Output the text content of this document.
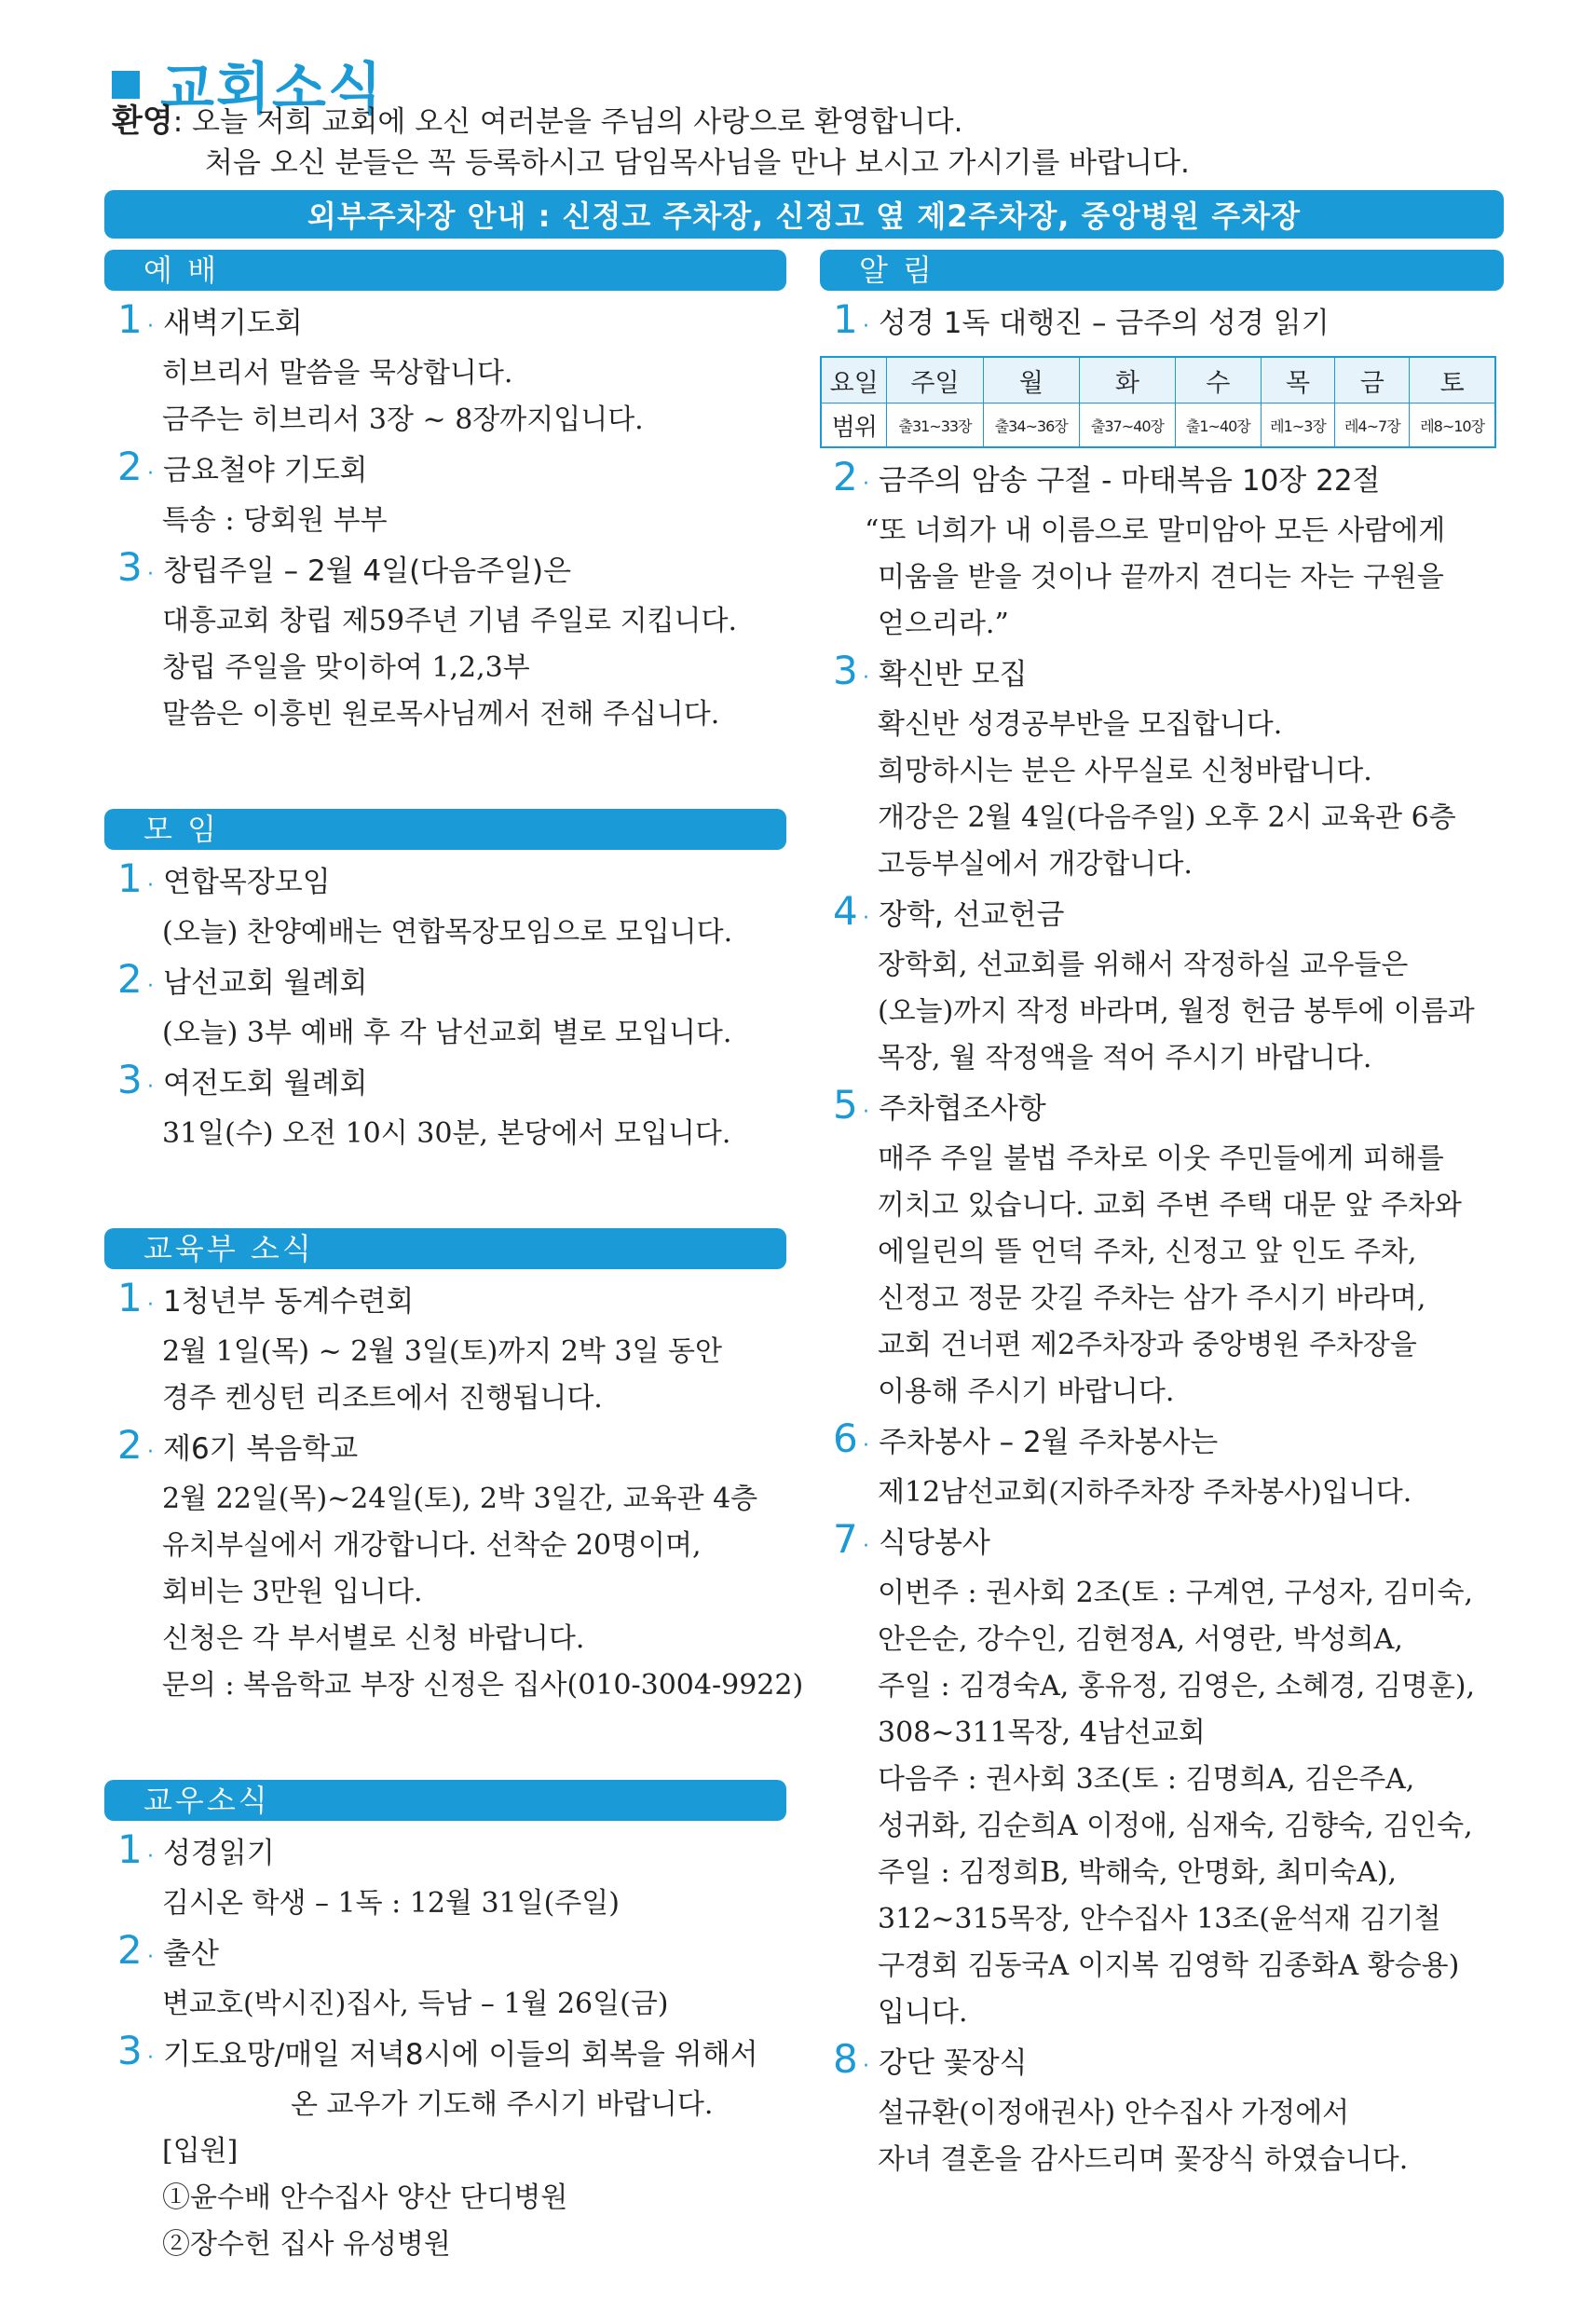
교회소식
환영: 오늘 저희 교회에 오신 여러분을 주님의 사랑으로 환영합니다.
처음 오신 분들은 꼭 등록하시고 담임목사님을 만나 보시고 가시기를 바랍니다.
외부주차장 안내 : 신정고 주차장, 신정고 옆 제2주차장, 중앙병원 주차장
예 배
1 · 새벽기도회
히브리서 말씀을 묵상합니다.
금주는 히브리서 3장 ~ 8장까지입니다.
2 · 금요철야 기도회
특송 : 당회원 부부
3 · 창립주일 – 2월 4일(다음주일)은
대흥교회 창립 제59주년 기념 주일로 지킵니다.
창립 주일을 맞이하여 1,2,3부
말씀은 이흥빈 원로목사님께서 전해 주십니다.
모 임
1 · 연합목장모임
(오늘) 찬양예배는 연합목장모임으로 모입니다.
2 · 남선교회 월례회
(오늘) 3부 예배 후 각 남선교회 별로 모입니다.
3 · 여전도회 월례회
31일(수) 오전 10시 30분, 본당에서 모입니다.
교육부 소식
1 · 1청년부 동계수련회
2월 1일(목) ~ 2월 3일(토)까지 2박 3일 동안
경주 켄싱턴 리조트에서 진행됩니다.
2 · 제6기 복음학교
2월 22일(목)~24일(토), 2박 3일간, 교육관 4층
유치부실에서 개강합니다. 선착순 20명이며,
회비는 3만원 입니다.
신청은 각 부서별로 신청 바랍니다.
문의 : 복음학교 부장 신정은 집사(010-3004-9922)
교우소식
1 · 성경읽기
김시온 학생 – 1독 : 12월 31일(주일)
2 · 출산
변교호(박시진)집사, 득남 – 1월 26일(금)
3 · 기도요망/매일 저녁8시에 이들의 회복을 위해서
온 교우가 기도해 주시기 바랍니다.
[입원]
①윤수배 안수집사 양산 단디병원
②장수헌 집사 유성병원
알 림
1 · 성경 1독 대행진 – 금주의 성경 읽기
요일	주일	월	화	수	목	금	토
범위	출31~33장	출34~36장	출37~40장	출1~40장	레1~3장	레4~7장	레8~10장
2 · 금주의 암송 구절 - 마태복음 10장 22절
“또 너희가 내 이름으로 말미암아 모든 사람에게
미움을 받을 것이나 끝까지 견디는 자는 구원을
얻으리라.”
3 · 확신반 모집
확신반 성경공부반을 모집합니다.
희망하시는 분은 사무실로 신청바랍니다.
개강은 2월 4일(다음주일) 오후 2시 교육관 6층
고등부실에서 개강합니다.
4 · 장학, 선교헌금
장학회, 선교회를 위해서 작정하실 교우들은
(오늘)까지 작정 바라며, 월정 헌금 봉투에 이름과
목장, 월 작정액을 적어 주시기 바랍니다.
5 · 주차협조사항
매주 주일 불법 주차로 이웃 주민들에게 피해를
끼치고 있습니다. 교회 주변 주택 대문 앞 주차와
에일린의 뜰 언덕 주차, 신정고 앞 인도 주차,
신정고 정문 갓길 주차는 삼가 주시기 바라며,
교회 건너편 제2주차장과 중앙병원 주차장을
이용해 주시기 바랍니다.
6 · 주차봉사 – 2월 주차봉사는
제12남선교회(지하주차장 주차봉사)입니다.
7 · 식당봉사
이번주 : 권사회 2조(토 : 구계연, 구성자, 김미숙,
안은순, 강수인, 김현정A, 서영란, 박성희A,
주일 : 김경숙A, 홍유정, 김영은, 소혜경, 김명훈),
308~311목장, 4남선교회
다음주 : 권사회 3조(토 : 김명희A, 김은주A,
성귀화, 김순희A 이정애, 심재숙, 김향숙, 김인숙,
주일 : 김정희B, 박해숙, 안명화, 최미숙A),
312~315목장, 안수집사 13조(윤석재 김기철
구경회 김동국A 이지복 김영학 김종화A 황승용)
입니다.
8 · 강단 꽃장식
설규환(이정애권사) 안수집사 가정에서
자녀 결혼을 감사드리며 꽃장식 하였습니다.
